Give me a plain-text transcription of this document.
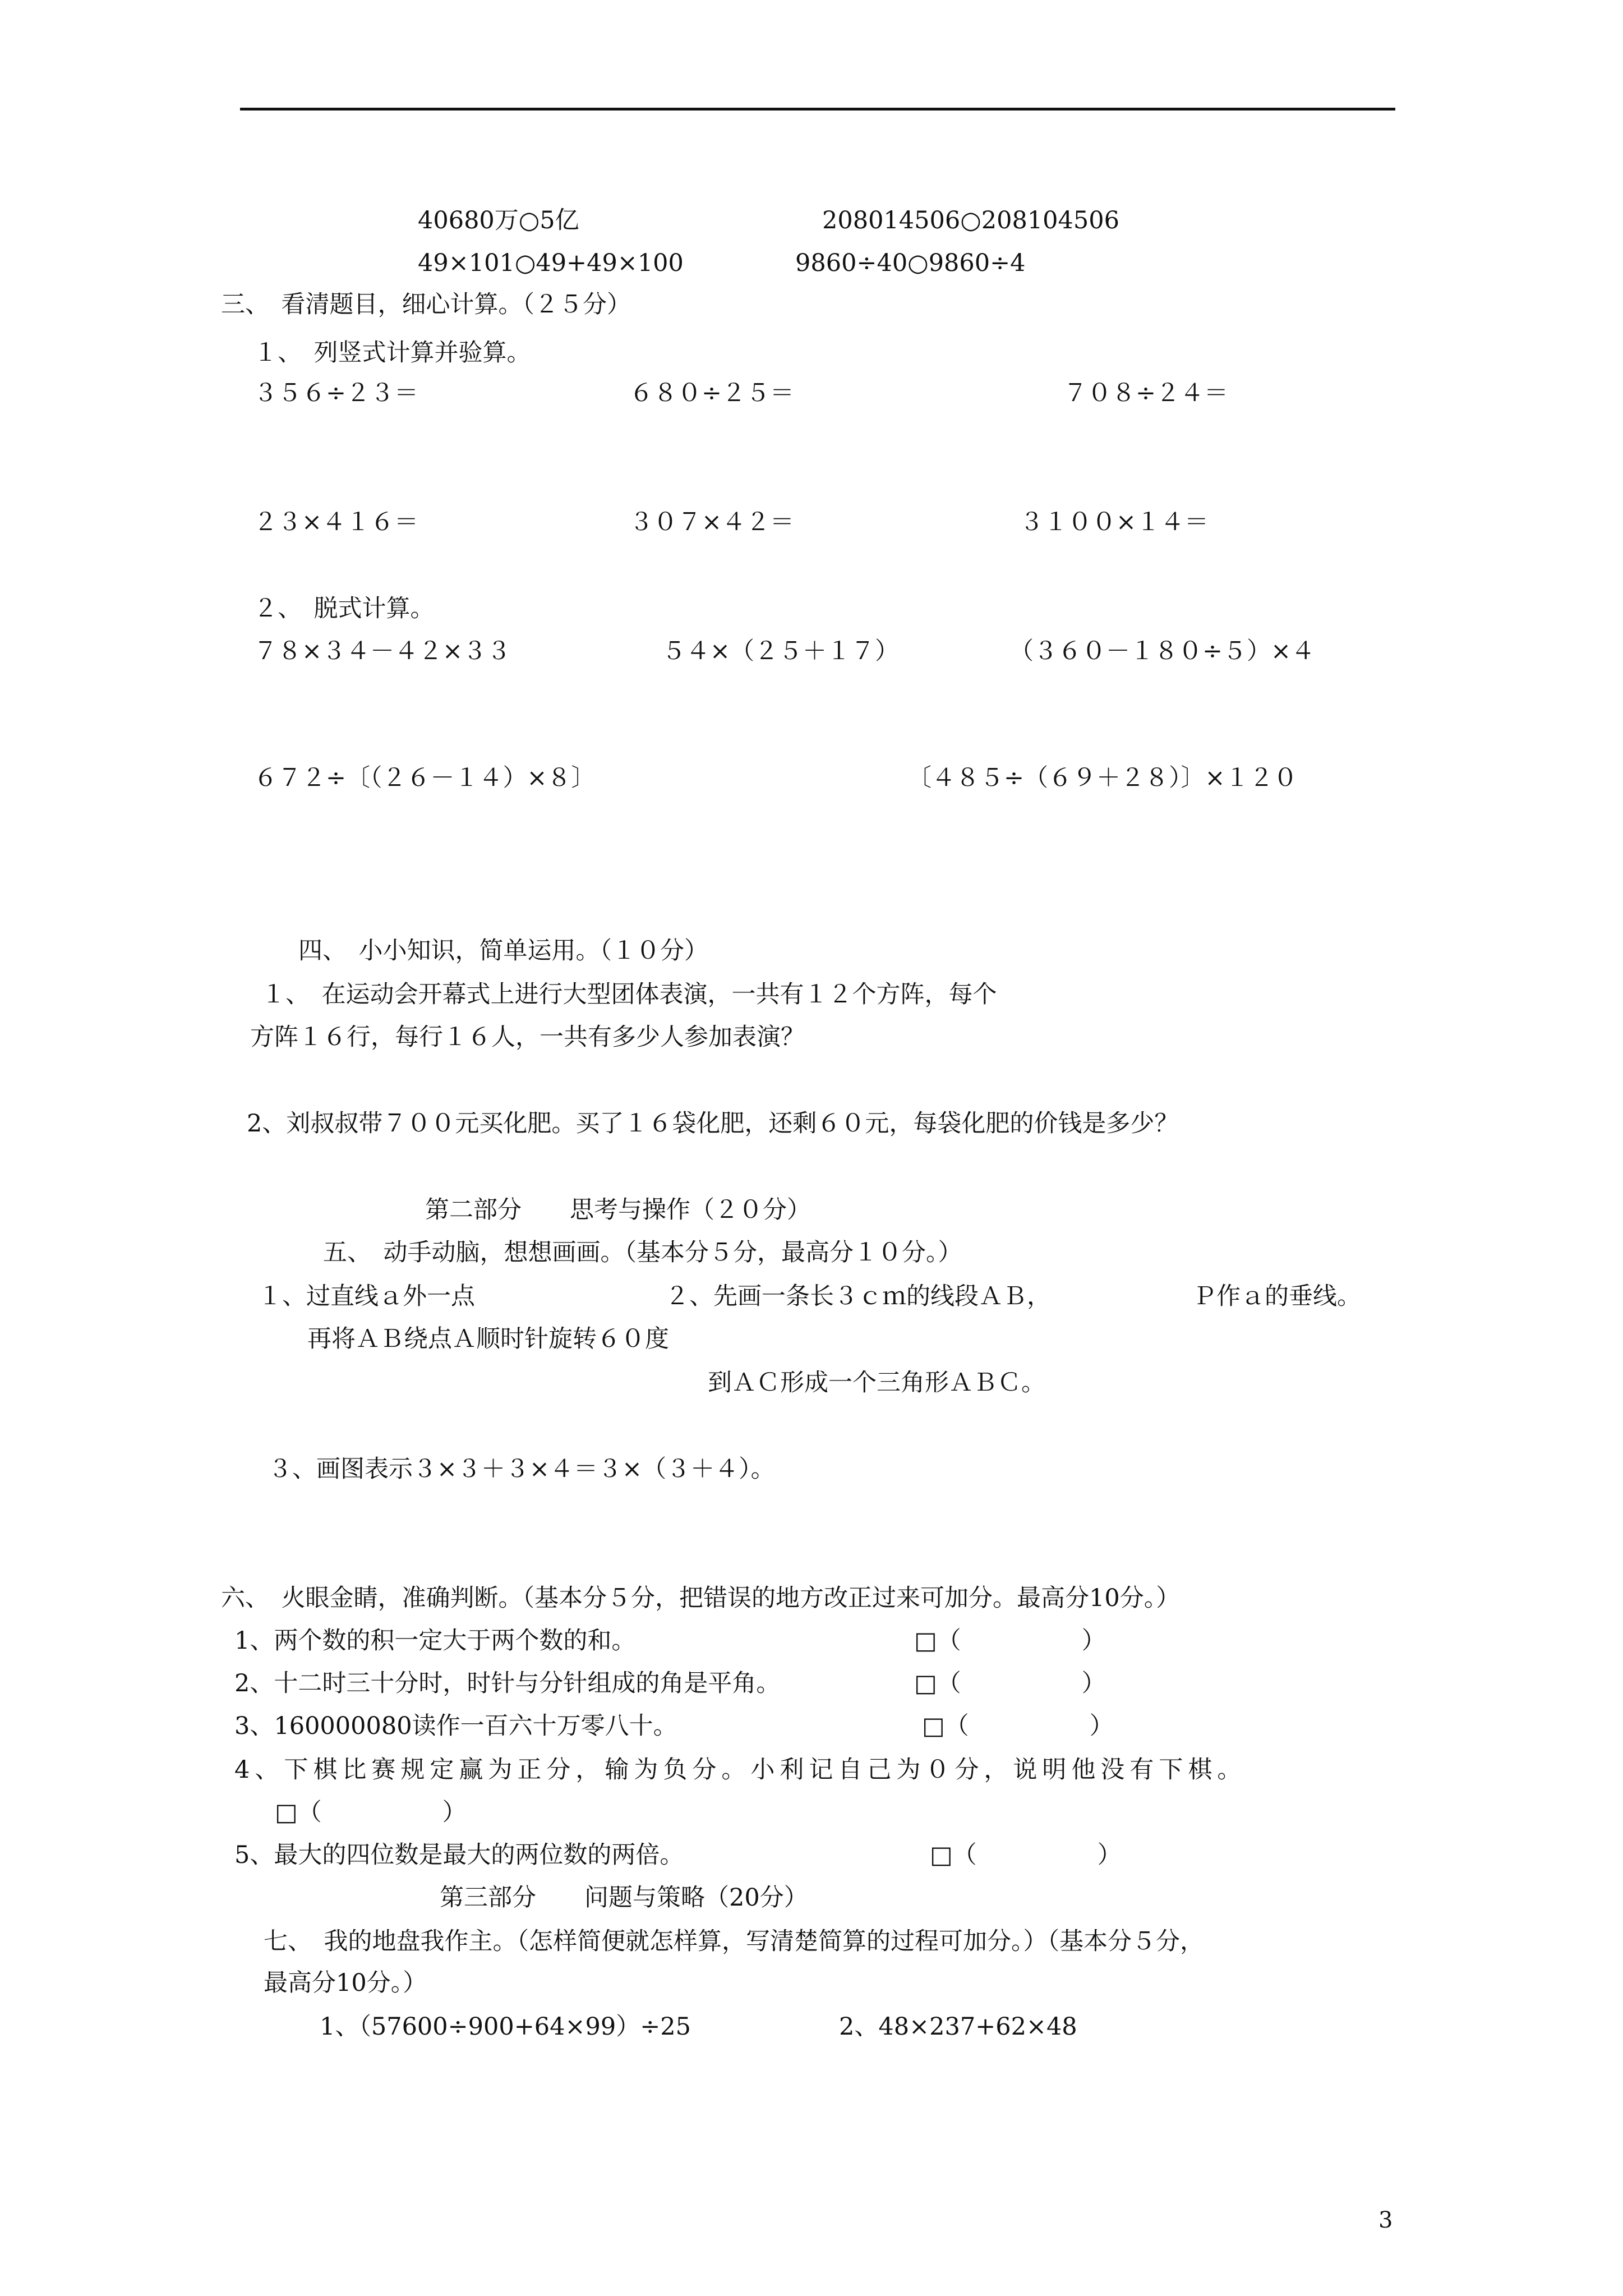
40680万○5亿	208014506○208104506
49×101○49+49×100	9860÷40○9860÷4
三、　看清题目，细心计算。（２５分）
１、　列竖式计算并验算。
３５６÷２３＝	６８０÷２５＝	７０８÷２４＝
２３×４１６＝	３０７×４２＝	３１００×１４＝
２、　脱式计算。
７８×３４－４２×３３	５４×（２５＋１７）	（３６０－１８０÷５）×４
６７２÷〔（２６－１４）×８〕	〔４８５÷（６９＋２８）〕×１２０
四、　小小知识，简单运用。（１０分）
１、　在运动会开幕式上进行大型团体表演，一共有１２个方阵，每个
方阵１６行，每行１６人，一共有多少人参加表演？
2、刘叔叔带７００元买化肥。买了１６袋化肥，还剩６０元，每袋化肥的价钱是多少？
第二部分　　思考与操作（２０分）
五、　动手动脑，想想画画。（基本分５分，最高分１０分。）
１、过直线ａ外一点	２、先画一条长３ｃｍ的线段ＡＢ，	Ｐ作ａ的垂线。
再将ＡＢ绕点Ａ顺时针旋转６０度
到ＡＣ形成一个三角形ＡＢＣ。
３、画图表示３×３＋３×４＝３×（３＋４）。
六、　火眼金睛，准确判断。（基本分５分，把错误的地方改正过来可加分。最高分10分。）
1、两个数的积一定大于两个数的和。	□（　　　　　）
2、十二时三十分时，时针与分针组成的角是平角。	□（　　　　　）
3、160000080读作一百六十万零八十。	□（　　　　　）
4、下棋比赛规定赢为正分，输为负分。小利记自己为０分，说明他没有下棋。
□（　　　　　）
5、最大的四位数是最大的两位数的两倍。	□（　　　　　）
第三部分　　问题与策略（20分）
七、　我的地盘我作主。（怎样简便就怎样算，写清楚简算的过程可加分。）（基本分５分，
最高分10分。）
1、（57600÷900+64×99）÷25	2、48×237+62×48
3
